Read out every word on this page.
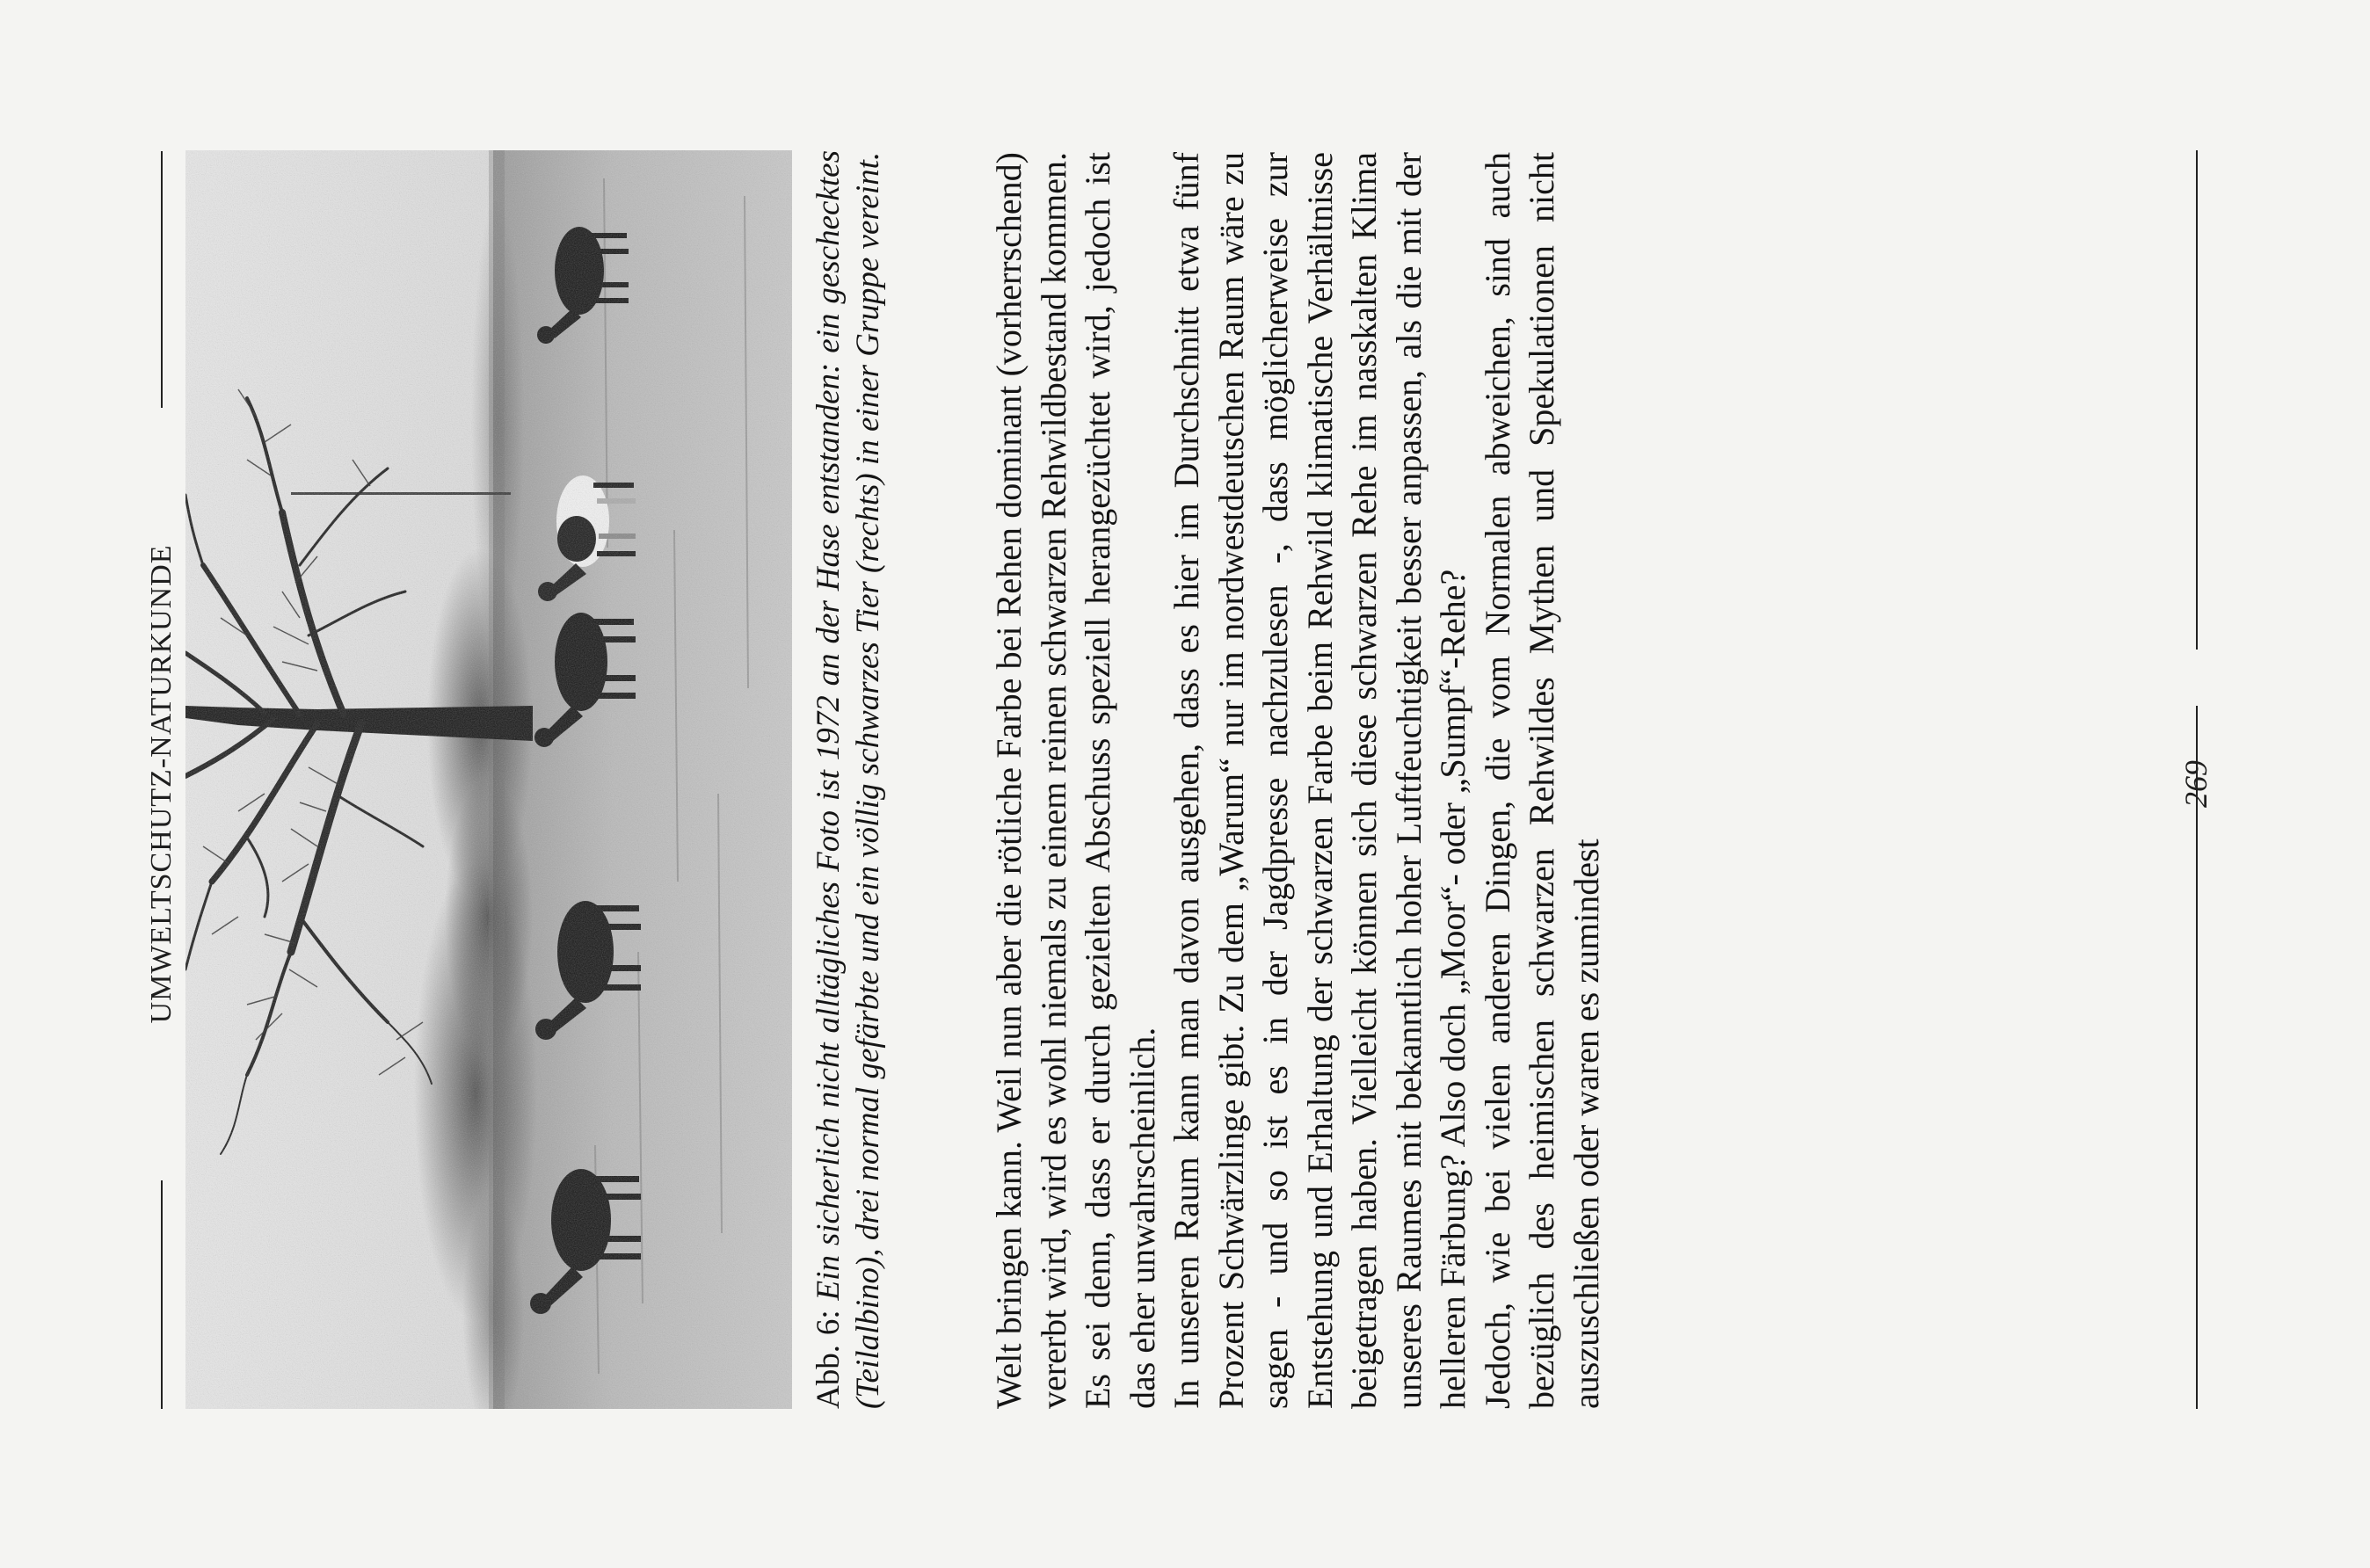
UMWELTSCHUTZ-NATURKUNDE
Abb. 6: Ein sicherlich nicht alltägliches Foto ist 1972 an der Hase entstanden: ein geschecktes (Teilalbino), drei normal gefärbte und ein völlig schwarzes Tier (rechts) in einer Gruppe vereint.	Welt bringen kann. Weil nun aber die rötliche Farbe bei Rehen dominant (vorherrschend) vererbt wird, wird es wohl niemals zu einem reinen schwarzen Rehwildbestand kommen. Es sei denn, dass er durch gezielten Abschuss speziell herangezüchtet wird, jedoch ist das eher unwahrscheinlich. In unseren Raum kann man davon ausgehen, dass es hier im Durchschnitt etwa fünf Prozent Schwärzlinge gibt. Zu dem „Warum“ nur im nordwestdeutschen Raum wäre zu sagen - und so ist es in der Jagdpresse nachzulesen -, dass möglicherweise zur Entstehung und Erhaltung der schwarzen Farbe beim Rehwild klimatische Verhältnisse beigetragen haben. Vielleicht können sich diese schwarzen Rehe im nasskalten Klima unseres Raumes mit bekanntlich hoher Luftfeuchtigkeit besser anpassen, als die mit der helleren Färbung? Also doch „Moor“- oder „Sumpf“-Rehe? Jedoch, wie bei vielen anderen Dingen, die vom Normalen abweichen, sind auch bezüglich des heimischen schwarzen Rehwildes Mythen und Spekulationen nicht auszuschließen oder waren es zumindest

269
